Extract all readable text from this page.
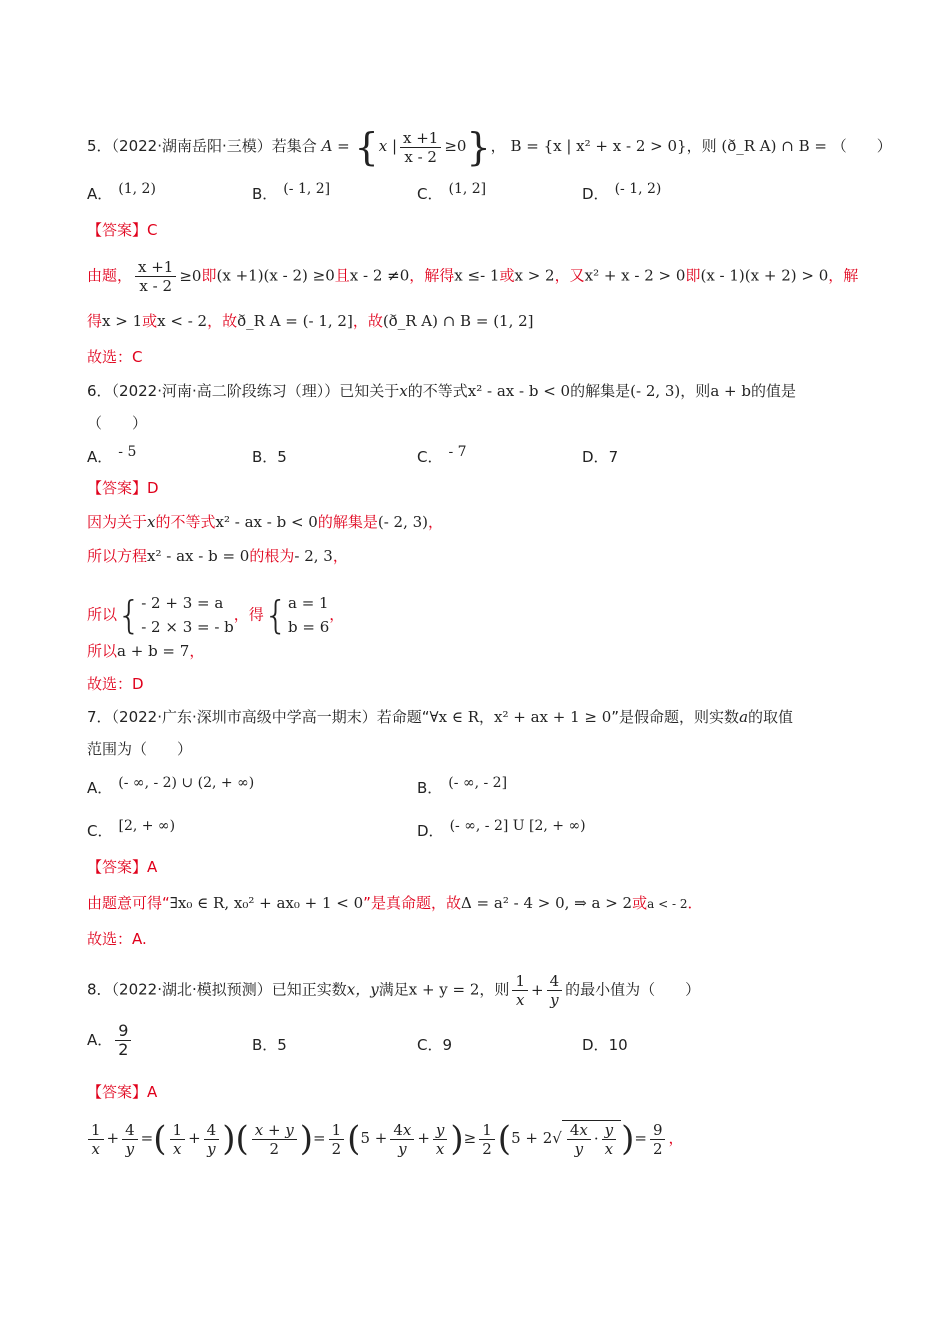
5．（2022·湖南岳阳·三模）若集合 A = {x | $\frac{x +1}{x - 2} \ge 0$}， B = {x | x² + x - 2 > 0}，则 (ð_R A) ∩ B = （　　）
A． (1, 2)	B． (- 1, 2]	C． (1, 2]	D． (- 1, 2)
【答案】C
由题， $\frac{x +1}{x - 2} \ge 0$即(x +1)(x - 2) ≥0且x - 2 ≠0，解得x ≤- 1或x > 2，又x² + x - 2 > 0即(x - 1)(x + 2) > 0，解
得x > 1或x < - 2，故ð_R A = (- 1, 2]，故(ð_R A) ∩ B = (1, 2]
故选：C
6．（2022·河南·高二阶段练习（理））已知关于x的不等式x² - ax - b < 0的解集是(- 2, 3)，则a + b的值是
（　　）
A． - 5	B．5	C． - 7	D．7
【答案】D
因为关于x的不等式x² - ax - b < 0的解集是(- 2, 3)，
所以方程x² - ax - b = 0的根为- 2, 3，
所以{ - 2 + 3 = a
- 2 × 3 = - b
，得{ a = 1
b = 6
，
所以a + b = 7，
故选：D
7．（2022·广东·深圳市高级中学高一期末）若命题“∀x ∈ R，x² + ax + 1 ≥ 0”是假命题，则实数a的取值
范围为（　　）
A． (- ∞, - 2) ∪ (2, + ∞)	B． (- ∞, - 2]
C． [2, + ∞)	D． (- ∞, - 2] U [2, + ∞)
【答案】A
由题意可得“∃x₀ ∈ R, x₀² + ax₀ + 1 < 0”是真命题，故Δ = a² - 4 > 0, ⇒ a > 2或a < - 2．
故选：A.
8．（2022·湖北·模拟预测）已知正实数x，y满足x + y = 2，则 $\frac{1}{x} + \frac{4}{y}$ 的最小值为（　　）
A． $\frac{9}{2}$	B．5	C．9	D．10
【答案】A
$\frac{1}{x} + \frac{4}{y}$ =( $\frac{1}{x} + \frac{4}{y}$ )( $\frac{x + y}{2}$ )= $\frac{1}{2} (5 + \frac{4x}{y} + \frac{y}{x}$ )≥ $\frac{1}{2} (5 + 2√ \frac{4x}{y} \cdot \frac{y}{x}$ )= $\frac{9}{2}$ ，
